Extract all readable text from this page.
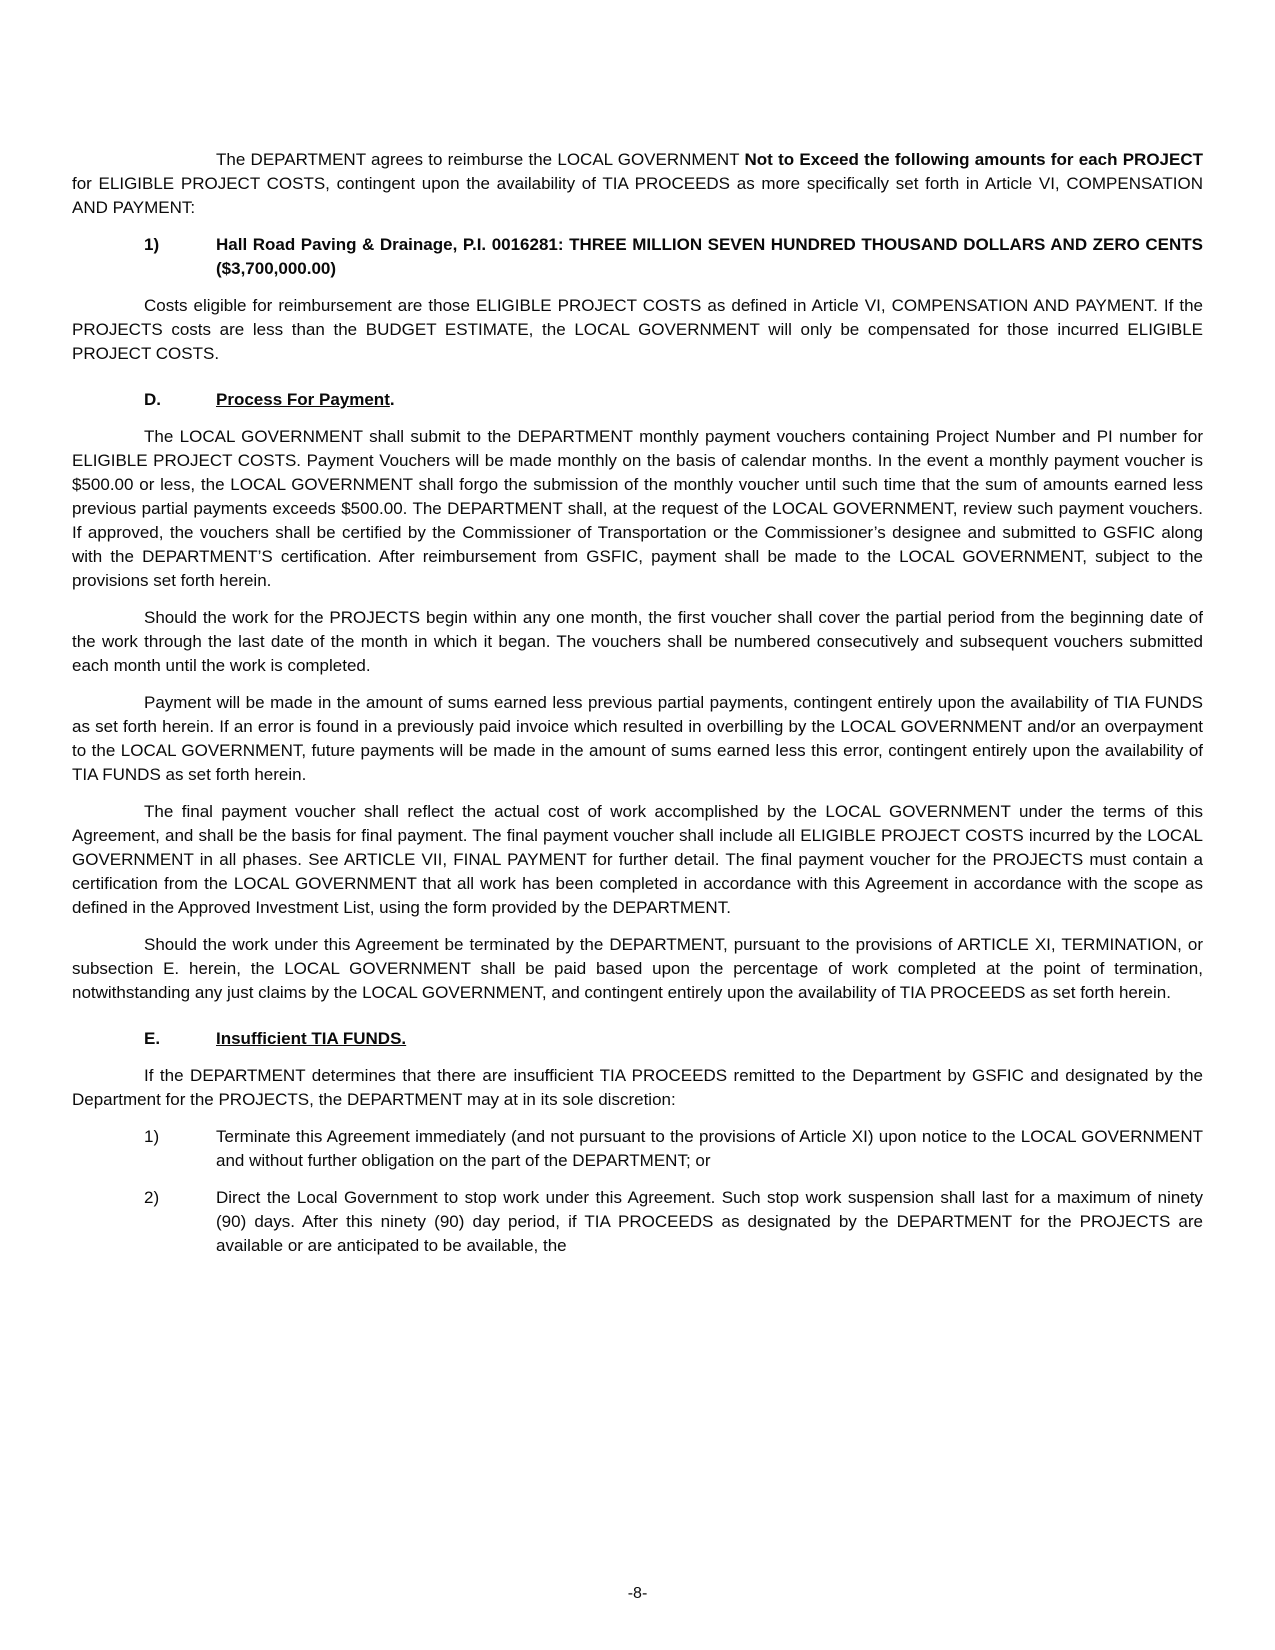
The DEPARTMENT agrees to reimburse the LOCAL GOVERNMENT Not to Exceed the following amounts for each PROJECT for ELIGIBLE PROJECT COSTS, contingent upon the availability of TIA PROCEEDS as more specifically set forth in Article VI, COMPENSATION AND PAYMENT:

1)	Hall Road Paving & Drainage, P.I. 0016281: THREE MILLION SEVEN HUNDRED THOUSAND DOLLARS AND ZERO CENTS ($3,700,000.00)

Costs eligible for reimbursement are those ELIGIBLE PROJECT COSTS as defined in Article VI, COMPENSATION AND PAYMENT. If the PROJECTS costs are less than the BUDGET ESTIMATE, the LOCAL GOVERNMENT will only be compensated for those incurred ELIGIBLE PROJECT COSTS.

D.	Process For Payment.

The LOCAL GOVERNMENT shall submit to the DEPARTMENT monthly payment vouchers containing Project Number and PI number for ELIGIBLE PROJECT COSTS. Payment Vouchers will be made monthly on the basis of calendar months. In the event a monthly payment voucher is $500.00 or less, the LOCAL GOVERNMENT shall forgo the submission of the monthly voucher until such time that the sum of amounts earned less previous partial payments exceeds $500.00. The DEPARTMENT shall, at the request of the LOCAL GOVERNMENT, review such payment vouchers. If approved, the vouchers shall be certified by the Commissioner of Transportation or the Commissioner’s designee and submitted to GSFIC along with the DEPARTMENT’S certification. After reimbursement from GSFIC, payment shall be made to the LOCAL GOVERNMENT, subject to the provisions set forth herein.

Should the work for the PROJECTS begin within any one month, the first voucher shall cover the partial period from the beginning date of the work through the last date of the month in which it began. The vouchers shall be numbered consecutively and subsequent vouchers submitted each month until the work is completed.

Payment will be made in the amount of sums earned less previous partial payments, contingent entirely upon the availability of TIA FUNDS as set forth herein. If an error is found in a previously paid invoice which resulted in overbilling by the LOCAL GOVERNMENT and/or an overpayment to the LOCAL GOVERNMENT, future payments will be made in the amount of sums earned less this error, contingent entirely upon the availability of TIA FUNDS as set forth herein.

The final payment voucher shall reflect the actual cost of work accomplished by the LOCAL GOVERNMENT under the terms of this Agreement, and shall be the basis for final payment. The final payment voucher shall include all ELIGIBLE PROJECT COSTS incurred by the LOCAL GOVERNMENT in all phases. See ARTICLE VII, FINAL PAYMENT for further detail. The final payment voucher for the PROJECTS must contain a certification from the LOCAL GOVERNMENT that all work has been completed in accordance with this Agreement in accordance with the scope as defined in the Approved Investment List, using the form provided by the DEPARTMENT.

Should the work under this Agreement be terminated by the DEPARTMENT, pursuant to the provisions of ARTICLE XI, TERMINATION, or subsection E. herein, the LOCAL GOVERNMENT shall be paid based upon the percentage of work completed at the point of termination, notwithstanding any just claims by the LOCAL GOVERNMENT, and contingent entirely upon the availability of TIA PROCEEDS as set forth herein.

E.	Insufficient TIA FUNDS.

If the DEPARTMENT determines that there are insufficient TIA PROCEEDS remitted to the Department by GSFIC and designated by the Department for the PROJECTS, the DEPARTMENT may at in its sole discretion:

1)	Terminate this Agreement immediately (and not pursuant to the provisions of Article XI) upon notice to the LOCAL GOVERNMENT and without further obligation on the part of the DEPARTMENT; or
2)	Direct the Local Government to stop work under this Agreement. Such stop work suspension shall last for a maximum of ninety (90) days. After this ninety (90) day period, if TIA PROCEEDS as designated by the DEPARTMENT for the PROJECTS are available or are anticipated to be available, the
-8-
